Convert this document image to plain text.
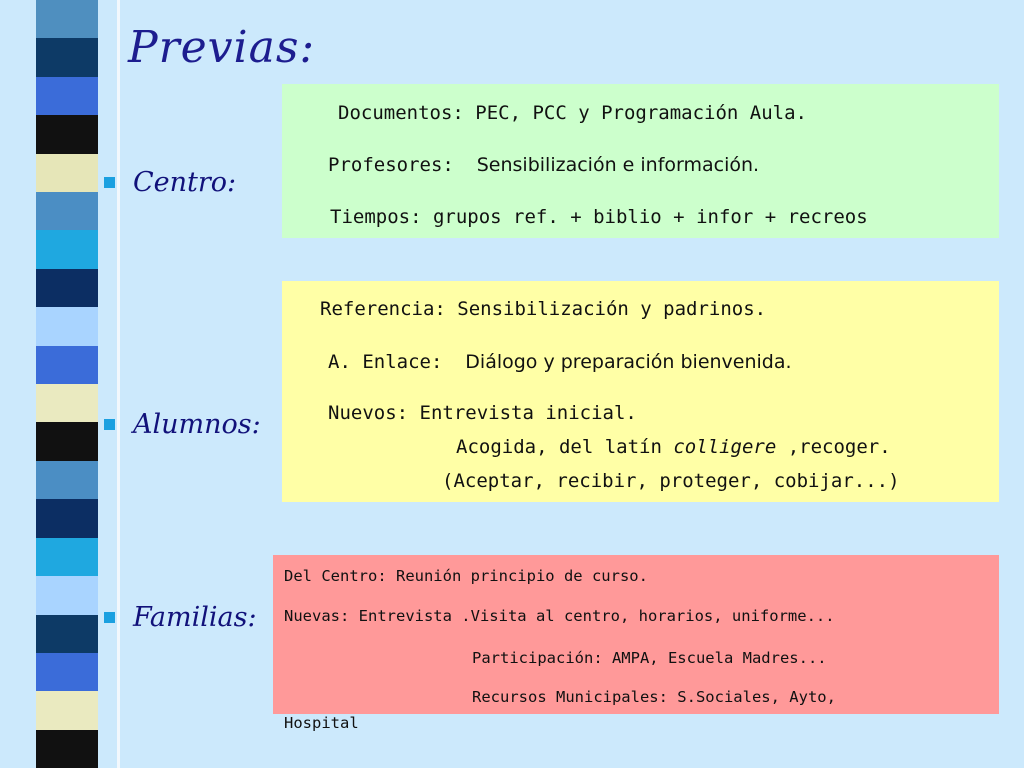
Previas:
Centro:
Alumnos:
Familias:
Documentos: PEC, PCC y Programación Aula.
Profesores: Sensibilización e información.
Tiempos: grupos ref. + biblio + infor + recreos
Referencia: Sensibilización y padrinos.
A. Enlace: Diálogo y preparación bienvenida.
Nuevos: Entrevista inicial.
Acogida, del latín colligere ,recoger.
(Aceptar, recibir, proteger, cobijar...)
Del Centro: Reunión principio de curso.
Nuevas: Entrevista .Visita al centro, horarios, uniforme...
Participación: AMPA, Escuela Madres...
Recursos Municipales: S.Sociales, Ayto,
Hospital
